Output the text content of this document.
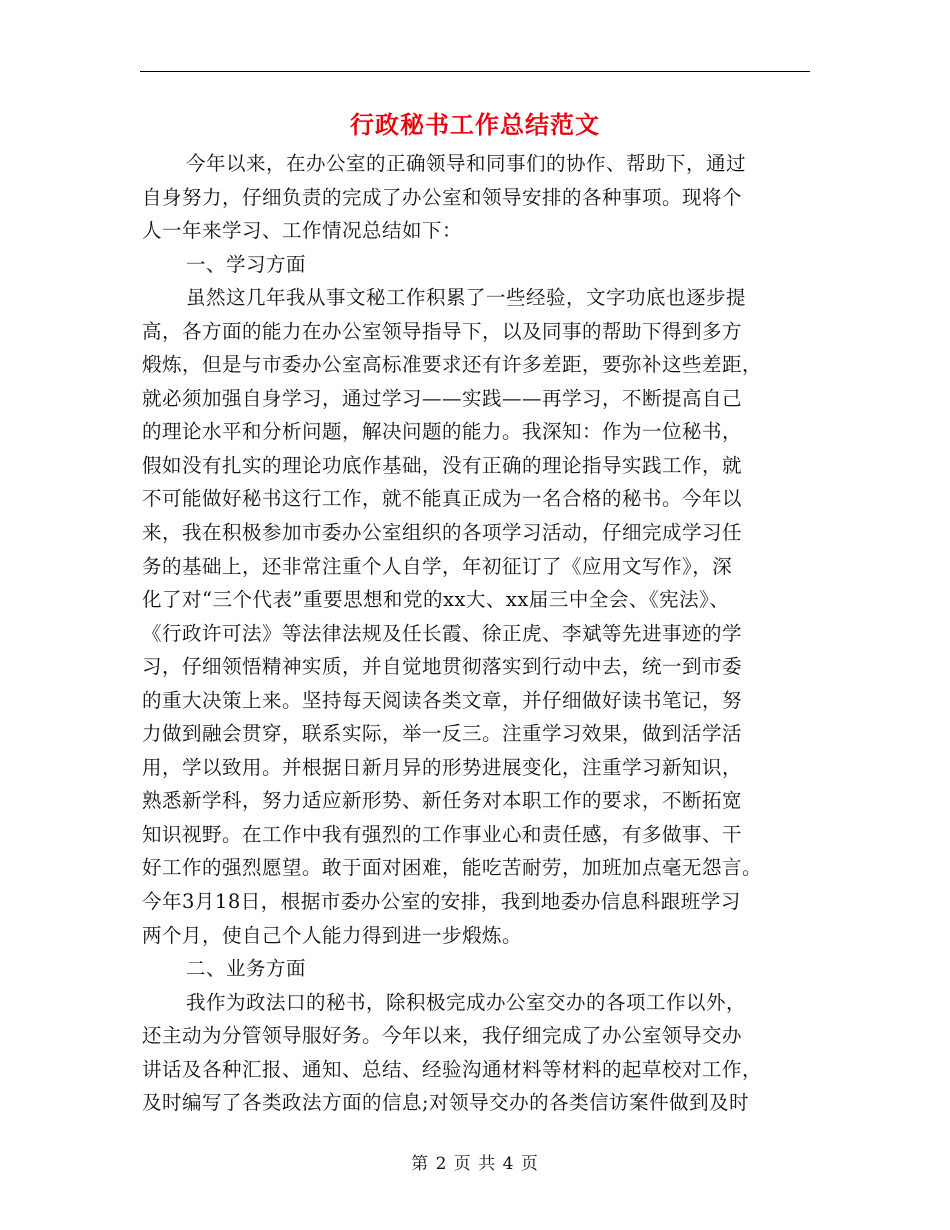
行政秘书工作总结范文
今年以来，在办公室的正确领导和同事们的协作、帮助下，通过
自身努力，仔细负责的完成了办公室和领导安排的各种事项。现将个
人一年来学习、工作情况总结如下：
一、学习方面
虽然这几年我从事文秘工作积累了一些经验，文字功底也逐步提
高，各方面的能力在办公室领导指导下，以及同事的帮助下得到多方
煅炼，但是与市委办公室高标准要求还有许多差距，要弥补这些差距，
就必须加强自身学习，通过学习——实践——再学习，不断提高自己
的理论水平和分析问题，解决问题的能力。我深知：作为一位秘书，
假如没有扎实的理论功底作基础，没有正确的理论指导实践工作，就
不可能做好秘书这行工作，就不能真正成为一名合格的秘书。今年以
来，我在积极参加市委办公室组织的各项学习活动，仔细完成学习任
务的基础上，还非常注重个人自学，年初征订了《应用文写作》，深
化了对“三个代表”重要思想和党的xx大、xx届三中全会、《宪法》、
《行政许可法》等法律法规及任长霞、徐正虎、李斌等先进事迹的学
习，仔细领悟精神实质，并自觉地贯彻落实到行动中去，统一到市委
的重大决策上来。坚持每天阅读各类文章，并仔细做好读书笔记，努
力做到融会贯穿，联系实际，举一反三。注重学习效果，做到活学活
用，学以致用。并根据日新月异的形势进展变化，注重学习新知识，
熟悉新学科，努力适应新形势、新任务对本职工作的要求，不断拓宽
知识视野。在工作中我有强烈的工作事业心和责任感，有多做事、干
好工作的强烈愿望。敢于面对困难，能吃苦耐劳，加班加点毫无怨言。
今年3月18日，根据市委办公室的安排，我到地委办信息科跟班学习
两个月，使自己个人能力得到进一步煅炼。
二、业务方面
我作为政法口的秘书，除积极完成办公室交办的各项工作以外，
还主动为分管领导服好务。今年以来，我仔细完成了办公室领导交办
讲话及各种汇报、通知、总结、经验沟通材料等材料的起草校对工作，
及时编写了各类政法方面的信息;对领导交办的各类信访案件做到及时
第 2 页 共 4 页
